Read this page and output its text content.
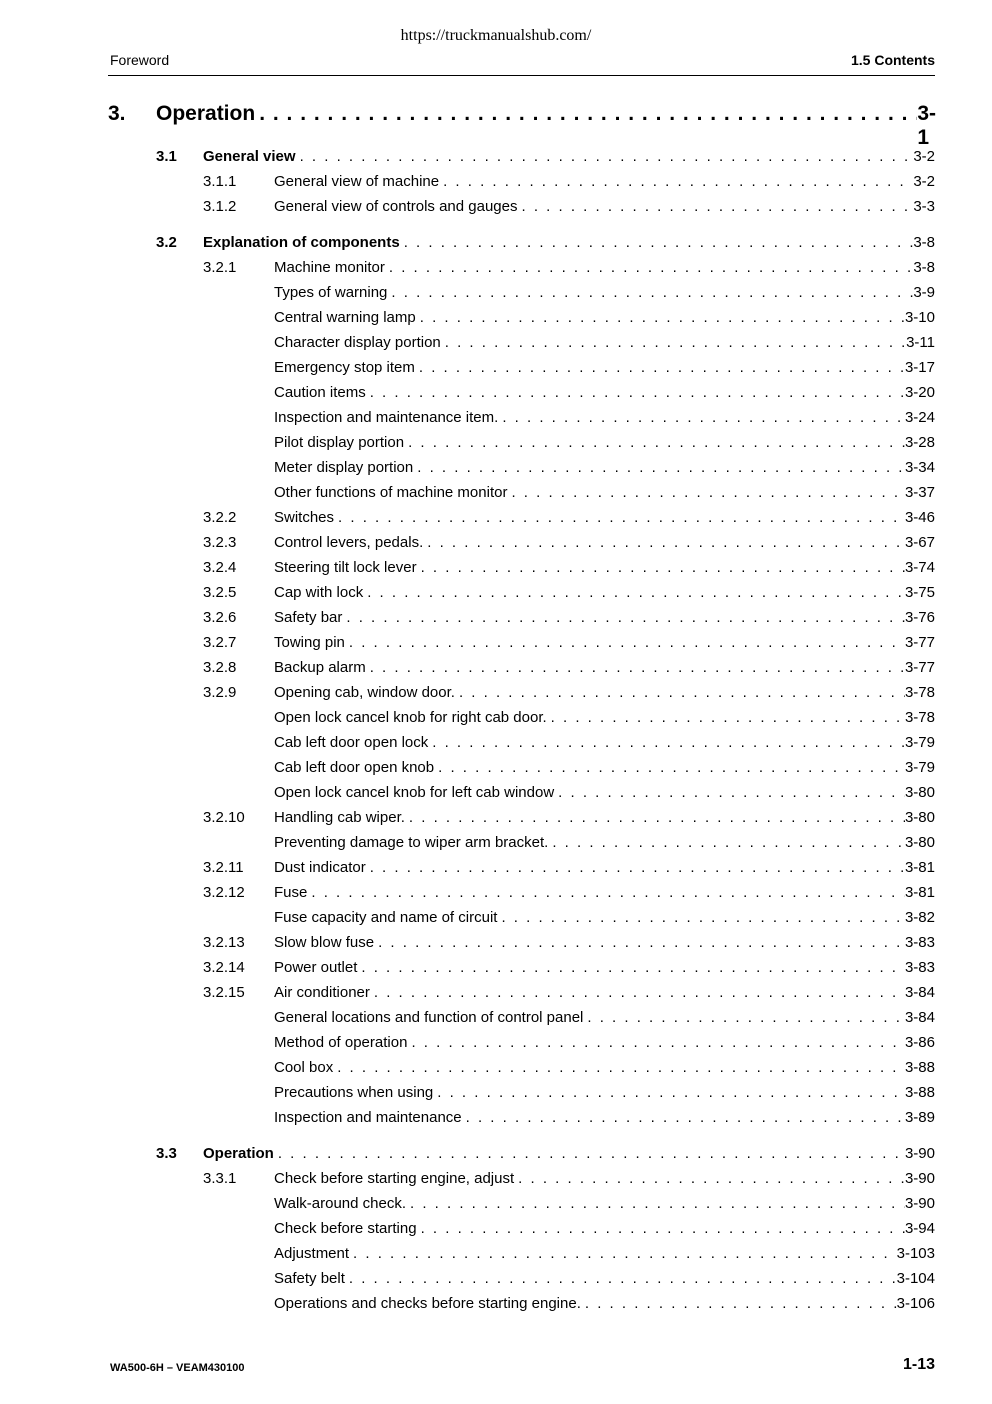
https://truckmanualshub.com/
Foreword	1.5 Contents
3.	Operation . . .	3-1
3.1 General view . . .	3-2
3.1.1	General view of machine . . .	3-2
3.1.2	General view of controls and gauges . . .	3-3
3.2 Explanation of components . . .	3-8
3.2.1	Machine monitor . . .	3-8
Types of warning . . .	3-9
Central warning lamp . . .	3-10
Character display portion . . .	3-11
Emergency stop item . . .	3-17
Caution items . . .	3-20
Inspection and maintenance item. . . .	3-24
Pilot display portion . . .	3-28
Meter display portion . . .	3-34
Other functions of machine monitor . . .	3-37
3.2.2	Switches . . .	3-46
3.2.3	Control levers, pedals. . . .	3-67
3.2.4	Steering tilt lock lever . . .	3-74
3.2.5	Cap with lock . . .	3-75
3.2.6	Safety bar . . .	3-76
3.2.7	Towing pin . . .	3-77
3.2.8	Backup alarm . . .	3-77
3.2.9	Opening cab, window door. . . .	3-78
Open lock cancel knob for right cab door. . . .	3-78
Cab left door open lock . . .	3-79
Cab left door open knob . . .	3-79
Open lock cancel knob for left cab window . . .	3-80
3.2.10 Handling cab wiper. . . .	3-80
Preventing damage to wiper arm bracket. . . .	3-80
3.2.11 Dust indicator . . .	3-81
3.2.12 Fuse . . .	3-81
Fuse capacity and name of circuit . . .	3-82
3.2.13 Slow blow fuse . . .	3-83
3.2.14 Power outlet . . .	3-83
3.2.15 Air conditioner . . .	3-84
General locations and function of control panel . . .	3-84
Method of operation . . .	3-86
Cool box . . .	3-88
Precautions when using . . .	3-88
Inspection and maintenance . . .	3-89
3.3 Operation . . .	3-90
3.3.1	Check before starting engine, adjust . . .	3-90
Walk-around check. . . .	3-90
Check before starting . . .	3-94
Adjustment . . .	3-103
Safety belt . . .	3-104
Operations and checks before starting engine. . . .	3-106
WA500-6H – VEAM430100	1-13
